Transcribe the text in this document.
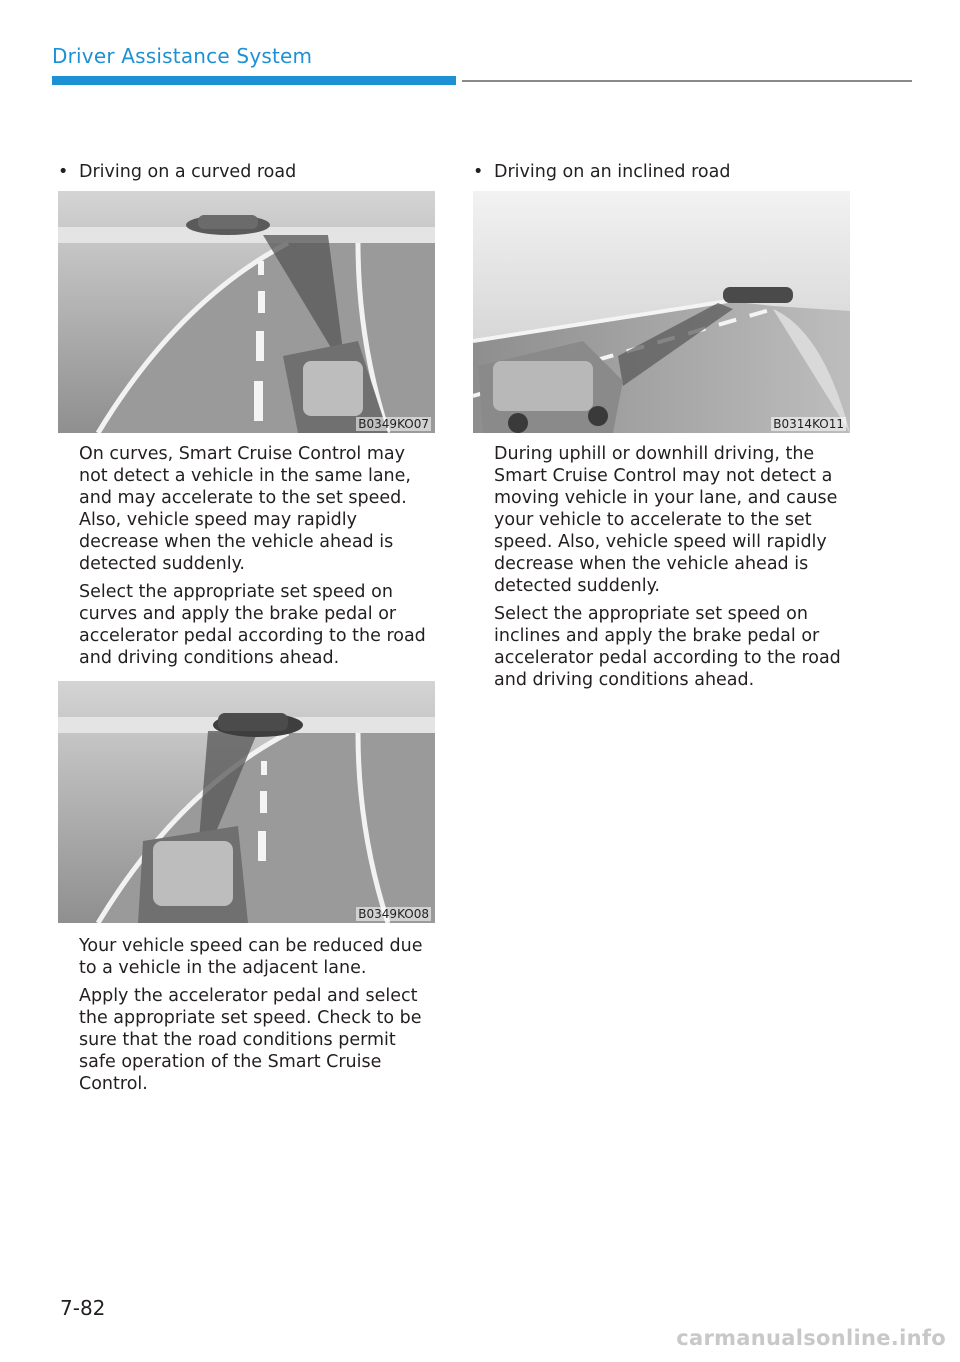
Driver Assistance System
• Driving on a curved road
B0349KO07
On curves, Smart Cruise Control may not detect a vehicle in the same lane, and may accelerate to the set speed. Also, vehicle speed may rapidly decrease when the vehicle ahead is detected suddenly.
Select the appropriate set speed on curves and apply the brake pedal or accelerator pedal according to the road and driving conditions ahead.
B0349KO08
Your vehicle speed can be reduced due to a vehicle in the adjacent lane.
Apply the accelerator pedal and select the appropriate set speed. Check to be sure that the road conditions permit safe operation of the Smart Cruise Control.
• Driving on an inclined road
B0314KO11
During uphill or downhill driving, the Smart Cruise Control may not detect a moving vehicle in your lane, and cause your vehicle to accelerate to the set speed. Also, vehicle speed will rapidly decrease when the vehicle ahead is detected suddenly.
Select the appropriate set speed on inclines and apply the brake pedal or accelerator pedal according to the road and driving conditions ahead.
7-82
carmanualsonline.info
